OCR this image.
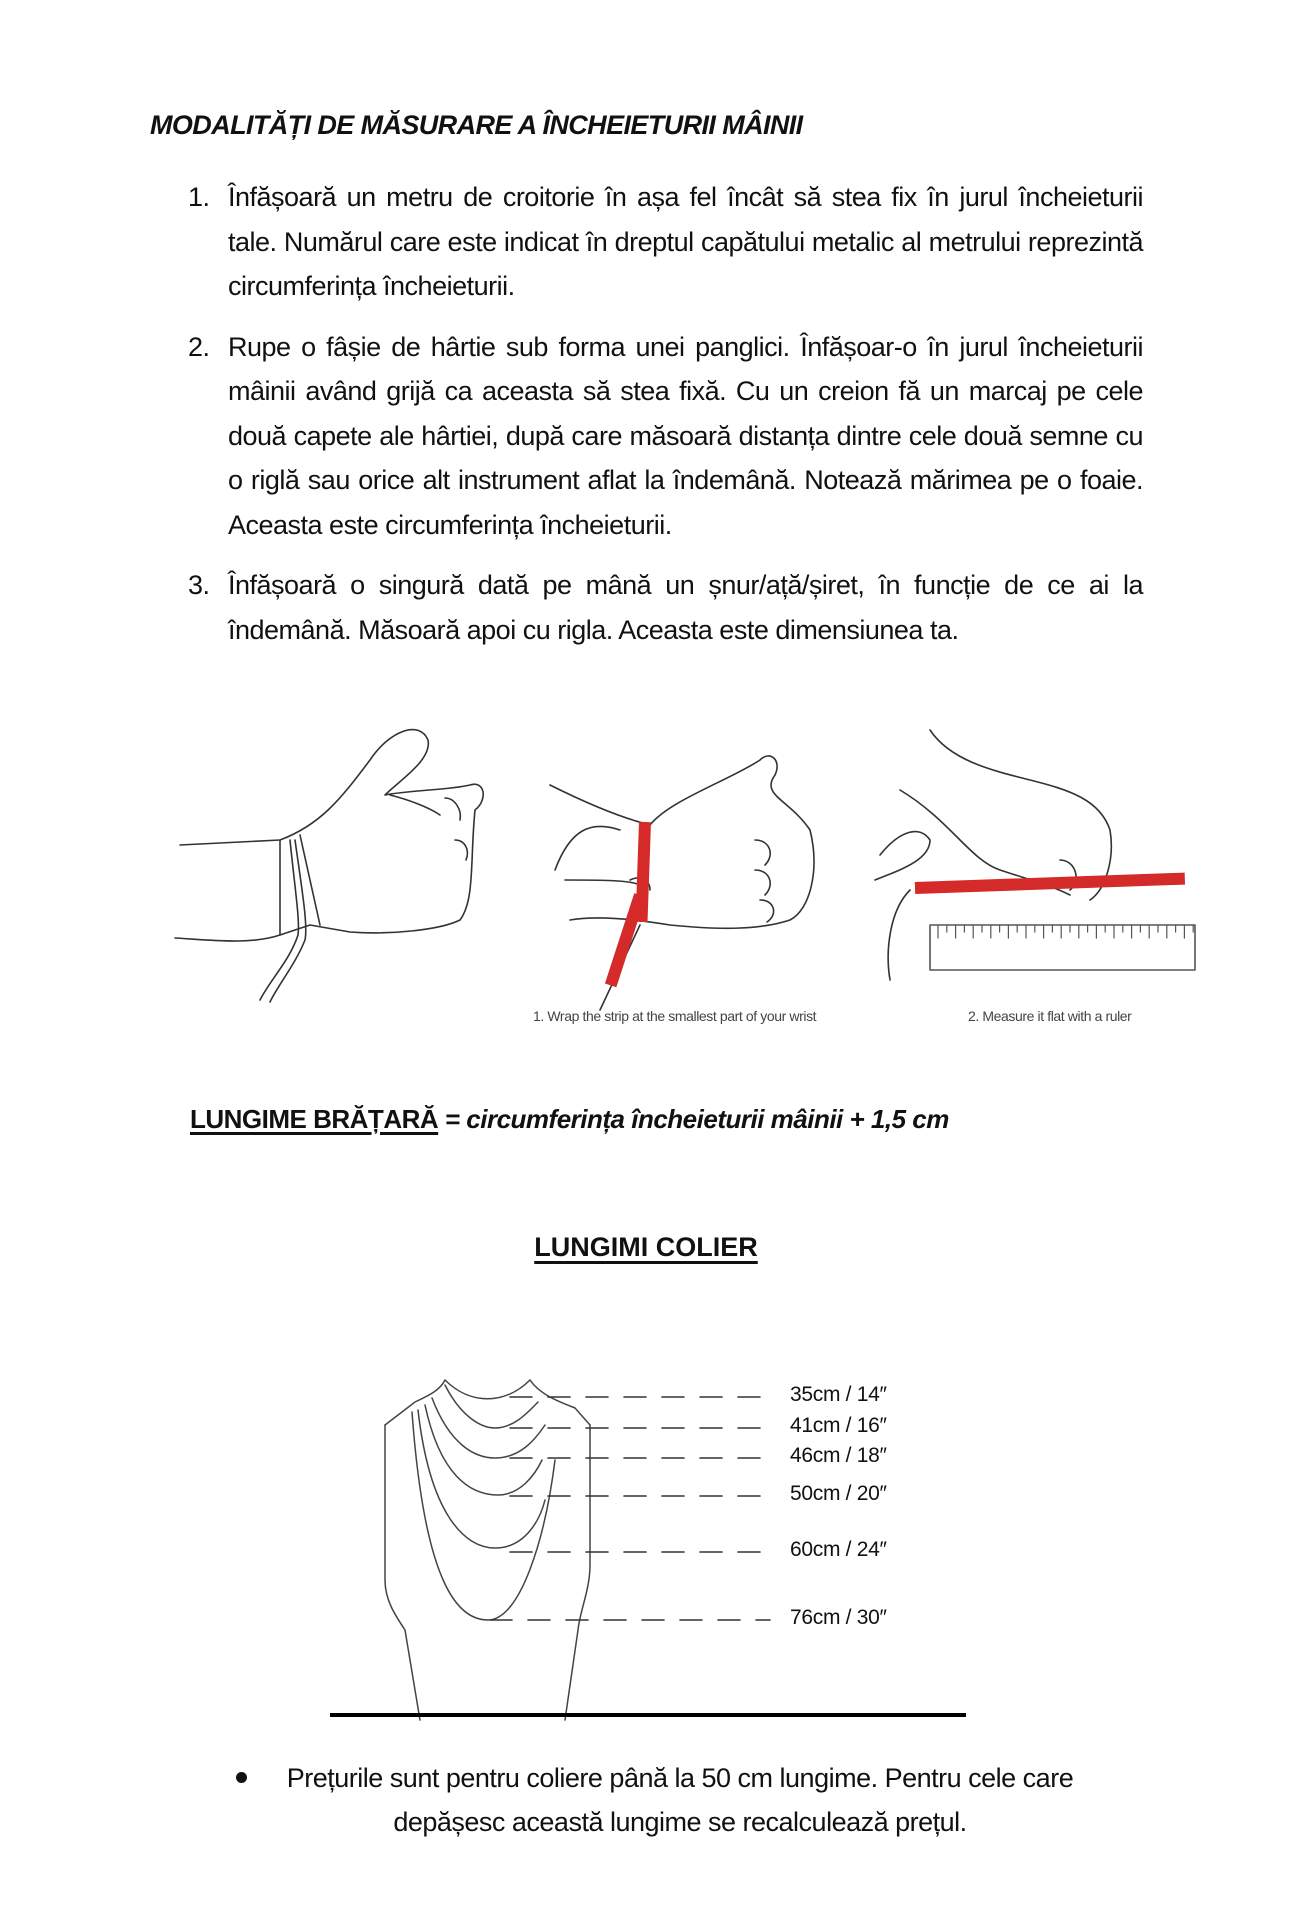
MODALITĂȚI DE MĂSURARE A ÎNCHEIETURII MÂINII
1. Înfășoară un metru de croitorie în așa fel încât să stea fix în jurul încheieturii tale. Numărul care este indicat în dreptul capătului metalic al metrului reprezintă circumferința încheieturii.
2. Rupe o fâșie de hârtie sub forma unei panglici. Înfășoar-o în jurul încheieturii mâinii având grijă ca aceasta să stea fixă. Cu un creion fă un marcaj pe cele două capete ale hârtiei, după care măsoară distanța dintre cele două semne cu o riglă sau orice alt instrument aflat la îndemână. Notează mărimea pe o foaie. Aceasta este circumferința încheieturii.
3. Înfășoară o singură dată pe mână un șnur/ață/șiret, în funcție de ce ai la îndemână. Măsoară apoi cu rigla. Aceasta este dimensiunea ta.
1. Wrap the strip at the smallest part of your wrist	2. Measure it flat with a ruler
LUNGIME BRĂȚARĂ = circumferința încheieturii mâinii + 1,5 cm
LUNGIMI COLIER
35cm / 14″
41cm / 16″
46cm / 18″
50cm / 20″
60cm / 24″
76cm / 30″
Prețurile sunt pentru coliere până la 50 cm lungime. Pentru cele care depășesc această lungime se recalculează prețul.
